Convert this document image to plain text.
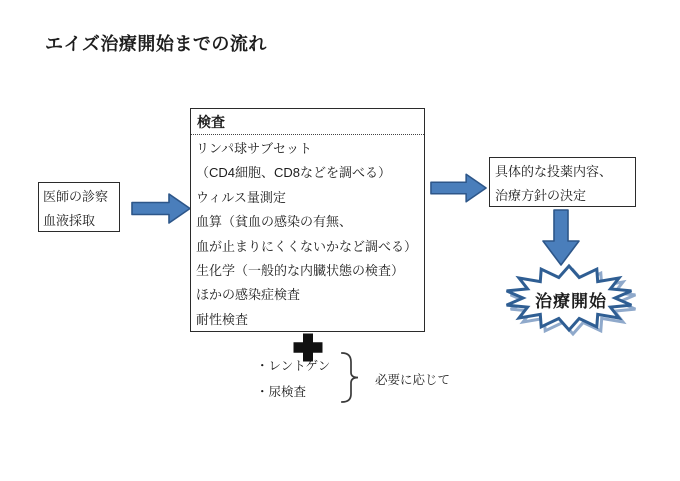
エイズ治療開始までの流れ
医師の診察
血液採取
検査
リンパ球サブセット
（CD4細胞、CD8などを調べる）
ウィルス量測定
血算（貧血の感染の有無、
血が止まりにくくないかなど調べる）
生化学（一般的な内臓状態の検査）
ほかの感染症検査
耐性検査
具体的な投薬内容、
治療方針の決定
治療開始
・レントゲン
・尿検査
必要に応じて
